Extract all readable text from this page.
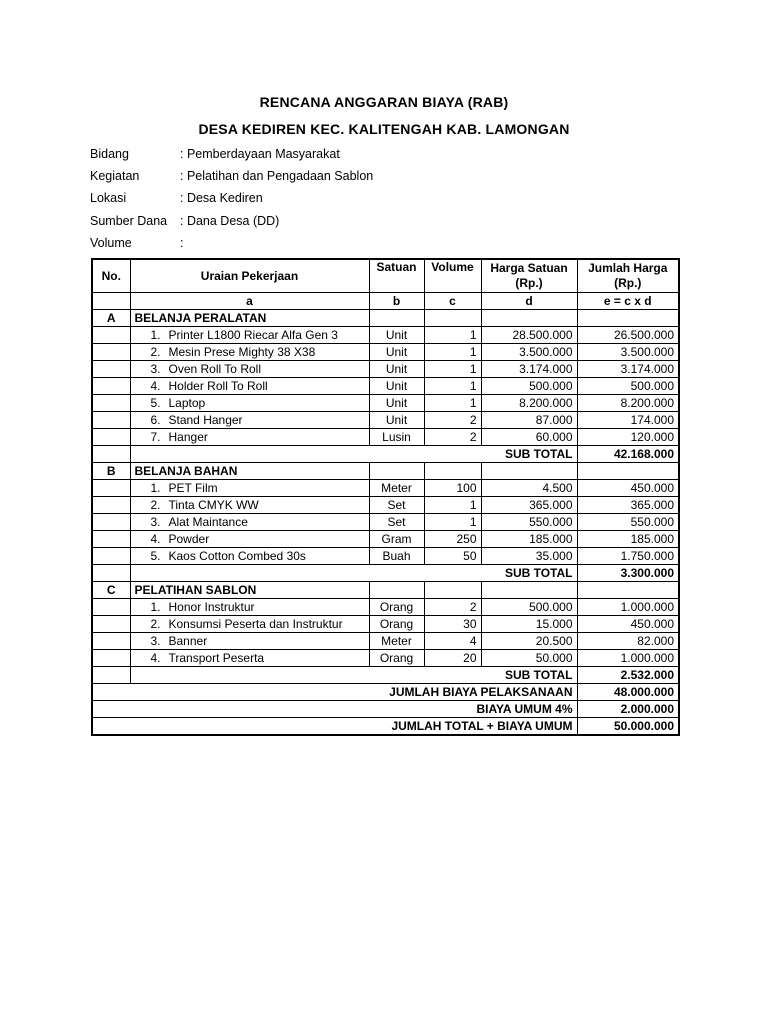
RENCANA ANGGARAN BIAYA (RAB)
DESA KEDIREN KEC. KALITENGAH KAB. LAMONGAN
Bidang	: Pemberdayaan Masyarakat
Kegiatan	: Pelatihan dan Pengadaan Sablon
Lokasi	: Desa Kediren
Sumber Dana : Dana Desa (DD)
Volume	:
No.	Uraian Pekerjaan	Satuan	Volume	Harga Satuan (Rp.)	Jumlah Harga (Rp.)
	a	b	c	d	e = c x d
A	BELANJA PERALATAN				
	1. Printer L1800 Riecar Alfa Gen 3	Unit	1	28.500.000	26.500.000
	2. Mesin Prese Mighty 38 X38	Unit	1	3.500.000	3.500.000
	3. Oven Roll To Roll	Unit	1	3.174.000	3.174.000
	4. Holder Roll To Roll	Unit	1	500.000	500.000
	5. Laptop	Unit	1	8.200.000	8.200.000
	6. Stand Hanger	Unit	2	87.000	174.000
	7. Hanger	Lusin	2	60.000	120.000
	SUB TOTAL				42.168.000
B	BELANJA BAHAN				
	1. PET Film	Meter	100	4.500	450.000
	2. Tinta CMYK WW	Set	1	365.000	365.000
	3. Alat Maintance	Set	1	550.000	550.000
	4. Powder	Gram	250	185.000	185.000
	5. Kaos Cotton Combed 30s	Buah	50	35.000	1.750.000
	SUB TOTAL				3.300.000
C	PELATIHAN SABLON				
	1. Honor Instruktur	Orang	2	500.000	1.000.000
	2. Konsumsi Peserta dan Instruktur	Orang	30	15.000	450.000
	3. Banner	Meter	4	20.500	82.000
	4. Transport Peserta	Orang	20	50.000	1.000.000
	SUB TOTAL				2.532.000
JUMLAH BIAYA PELAKSANAAN					48.000.000
BIAYA UMUM 4%					2.000.000
JUMLAH TOTAL + BIAYA UMUM					50.000.000
